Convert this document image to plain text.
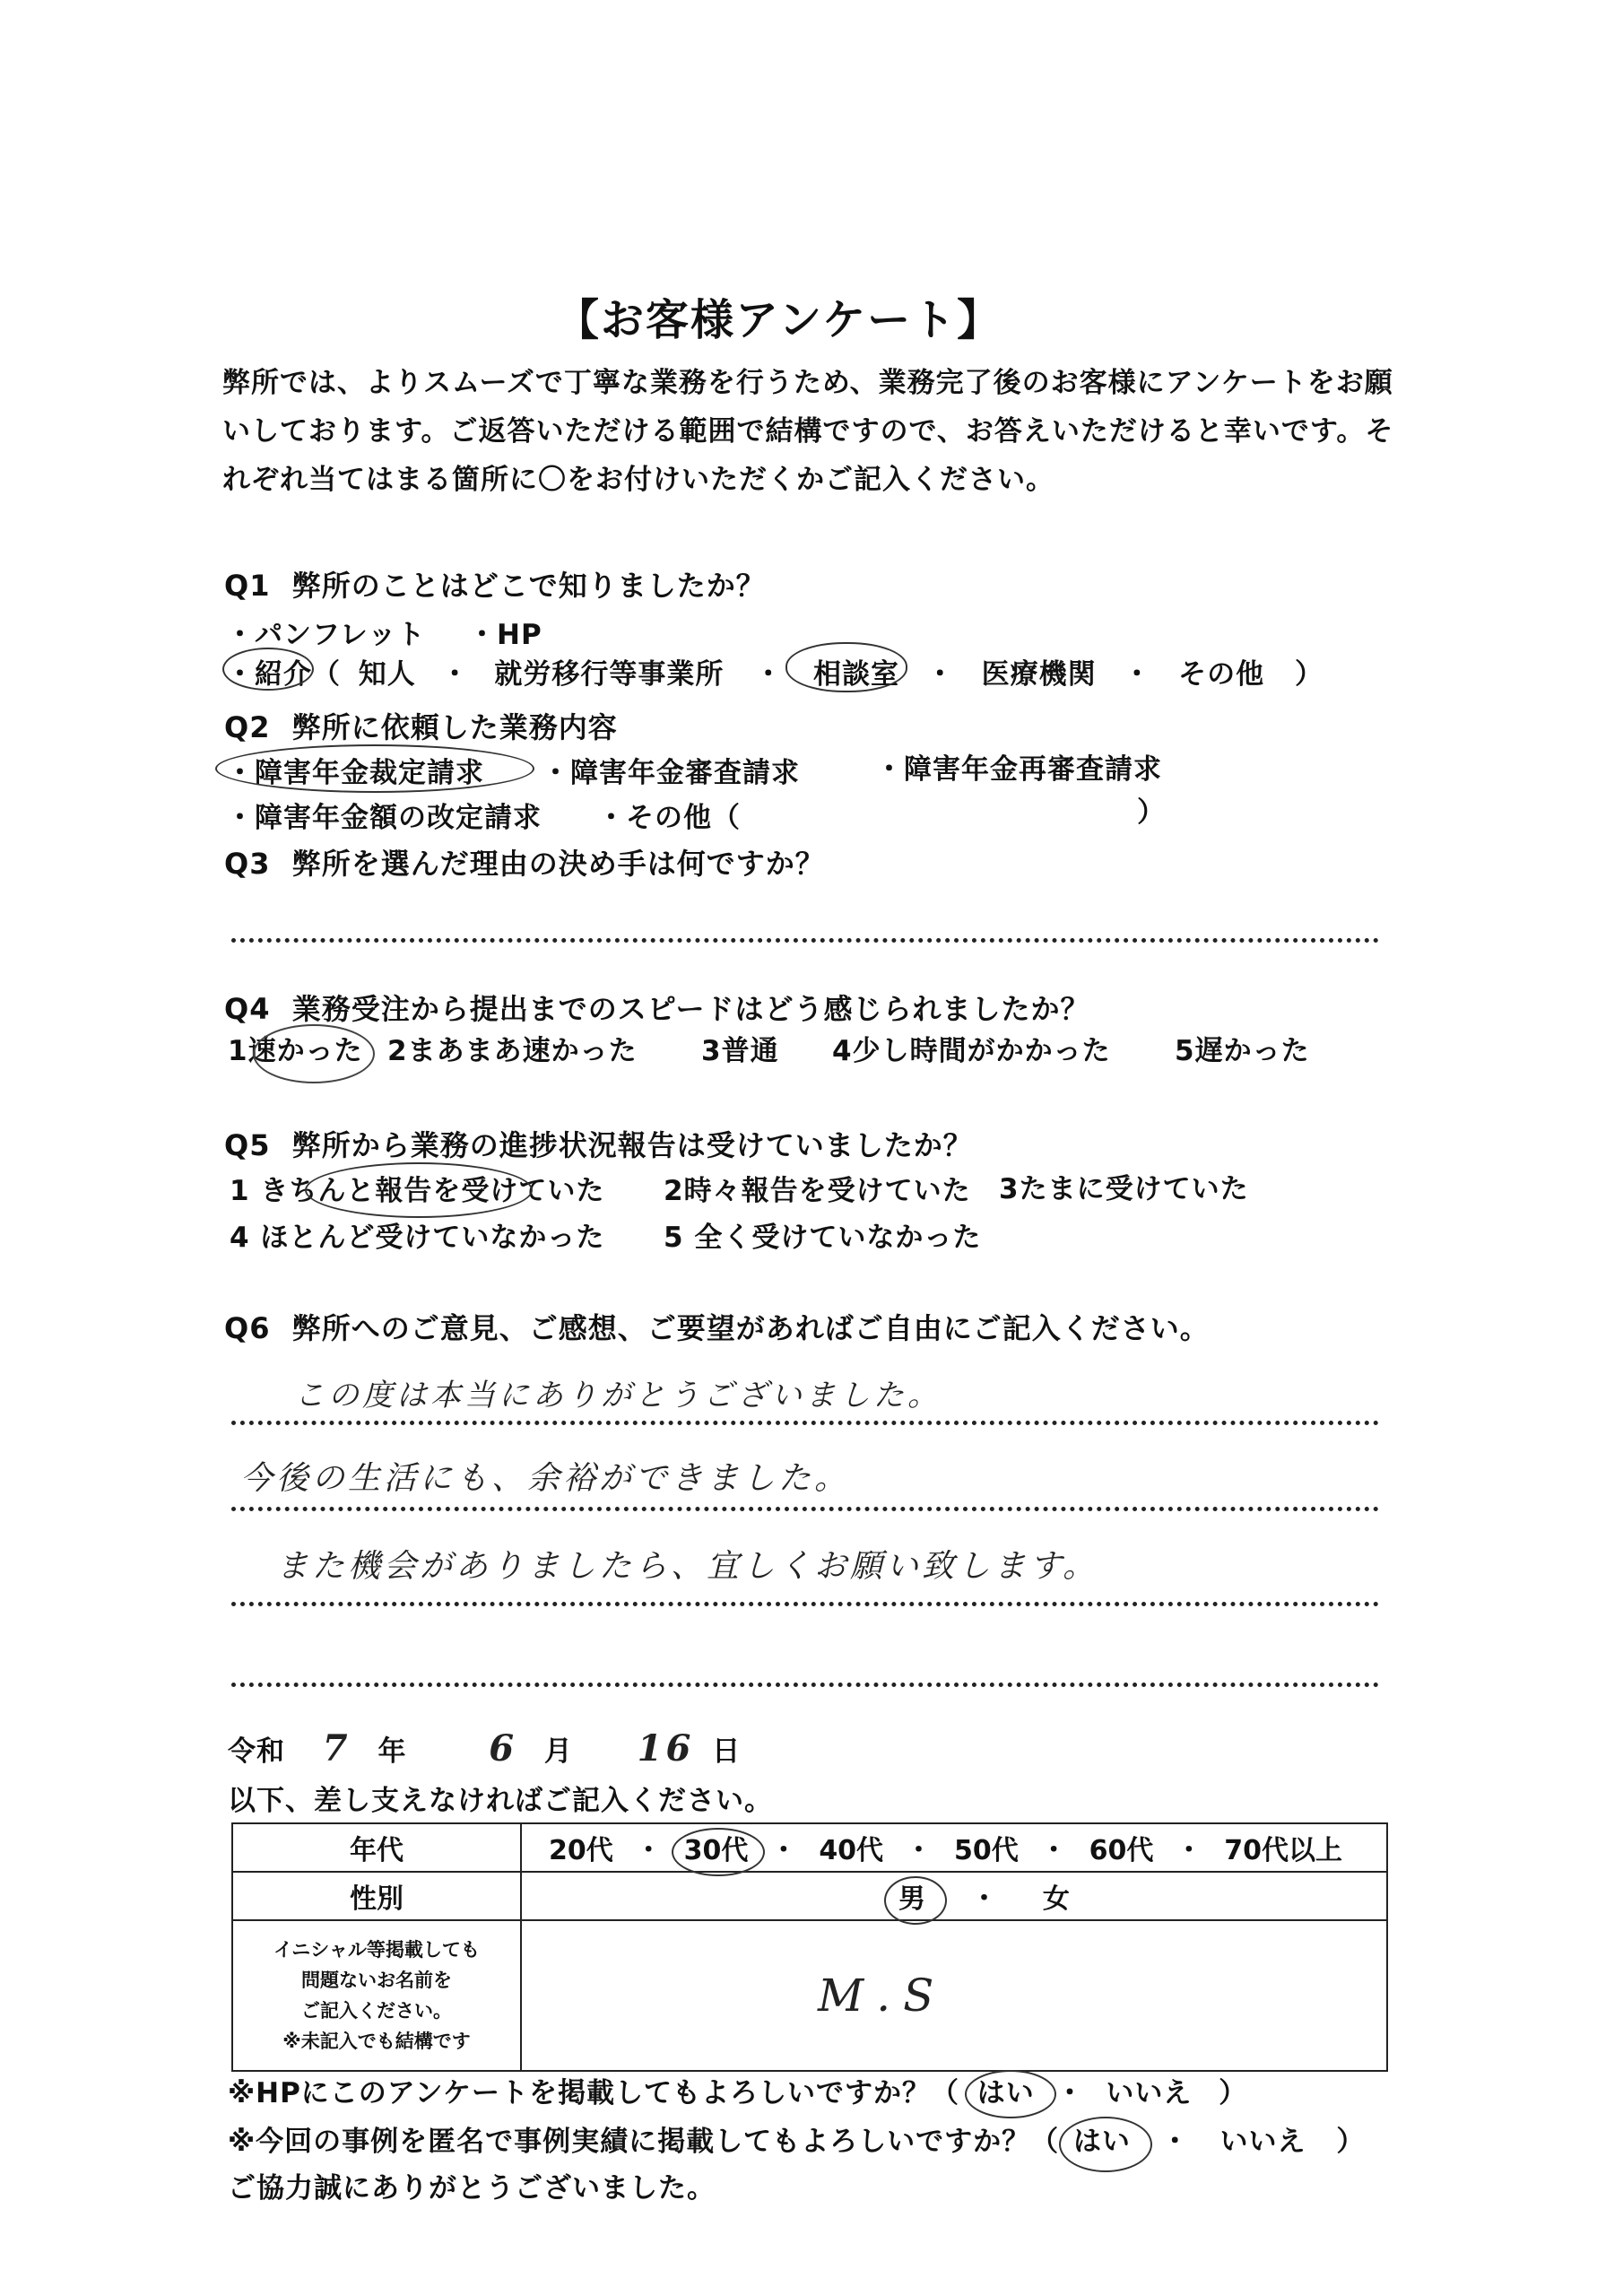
【お客様アンケート】
弊所では、よりスムーズで丁寧な業務を行うため、業務完了後のお客様にアンケートをお願いしております。ご返答いただける範囲で結構ですので、お答えいただけると幸いです。それぞれ当てはまる箇所に〇をお付けいただくかご記入ください。
Q1 弊所のことはどこで知りましたか？
・パンフレット ・HP
・紹介（ 知人 ・ 就労移行等事業所 ・ 相談室 ・ 医療機関 ・ その他 ）
Q2 弊所に依頼した業務内容
・障害年金裁定請求 ・障害年金審査請求	・障害年金再審査請求
・障害年金額の改定請求 ・その他（	）
Q3 弊所を選んだ理由の決め手は何ですか？
Q4 業務受注から提出までのスピードはどう感じられましたか？
1速かった 2まあまあ速かった 3普通 4少し時間がかかった 5遅かった
Q5 弊所から業務の進捗状況報告は受けていましたか？
1 きちんと報告を受けていた 2時々報告を受けていた 3たまに受けていた
4 ほとんど受けていなかった 5 全く受けていなかった
Q6 弊所へのご意見、ご感想、ご要望があればご自由にご記入ください。
この度は本当にありがとうございました。
今後の生活にも、余裕ができました。
また機会がありましたら、宜しくお願い致します。
令和 7 年 6 月 16 日
以下、差し支えなければご記入ください。
年代	20代 ・ 30代 ・ 40代 ・ 50代 ・ 60代 ・ 70代以上
性別	男 ・ 女

イニシャル等掲載しても
問題ないお名前を
ご記入ください。
※未記入でも結構です	M.S
※HPにこのアンケートを掲載してもよろしいですか？（ はい ・ いいえ ）
※今回の事例を匿名で事例実績に掲載してもよろしいですか？（ はい ・ いいえ ）
ご協力誠にありがとうございました。
